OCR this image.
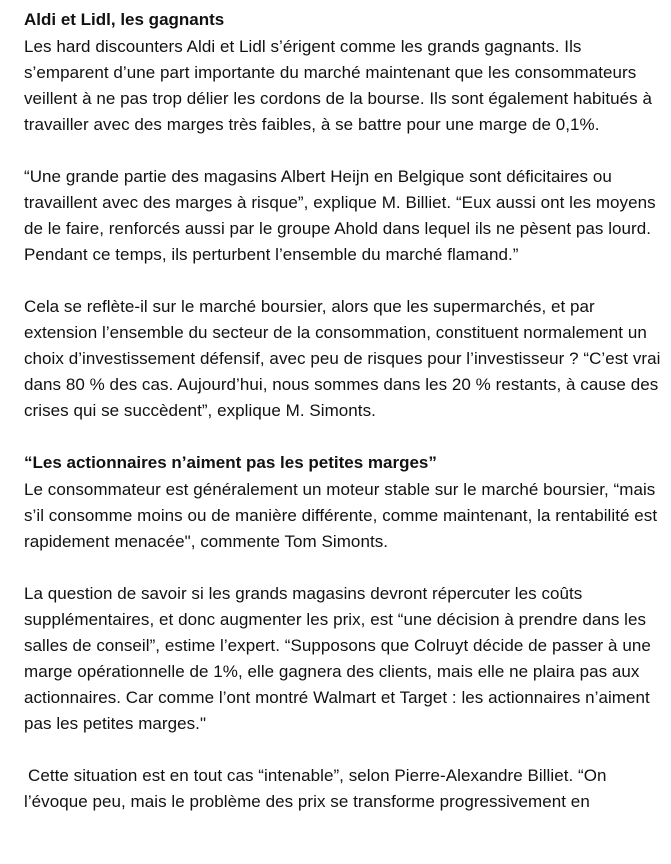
Aldi et Lidl, les gagnants

Les hard discounters Aldi et Lidl s’érigent comme les grands gagnants. Ils s’emparent d’une part importante du marché maintenant que les consommateurs veillent à ne pas trop délier les cordons de la bourse. Ils sont également habitués à travailler avec des marges très faibles, à se battre pour une marge de 0,1%.

“Une grande partie des magasins Albert Heijn en Belgique sont déficitaires ou travaillent avec des marges à risque”, explique M. Billiet. “Eux aussi ont les moyens de le faire, renforcés aussi par le groupe Ahold dans lequel ils ne pèsent pas lourd. Pendant ce temps, ils perturbent l’ensemble du marché flamand.”

Cela se reflète-il sur le marché boursier, alors que les supermarchés, et par extension l’ensemble du secteur de la consommation, constituent normalement un choix d’investissement défensif, avec peu de risques pour l’investisseur ? “C’est vrai dans 80 % des cas. Aujourd’hui, nous sommes dans les 20 % restants, à cause des crises qui se succèdent”, explique M. Simonts.

“Les actionnaires n’aiment pas les petites marges”

Le consommateur est généralement un moteur stable sur le marché boursier, “mais s’il consomme moins ou de manière différente, comme maintenant, la rentabilité est rapidement menacée", commente Tom Simonts.

La question de savoir si les grands magasins devront répercuter les coûts supplémentaires, et donc augmenter les prix, est “une décision à prendre dans les salles de conseil”, estime l’expert. “Supposons que Colruyt décide de passer à une marge opérationnelle de 1%, elle gagnera des clients, mais elle ne plaira pas aux actionnaires. Car comme l’ont montré Walmart et Target : les actionnaires n’aiment pas les petites marges."

Cette situation est en tout cas “intenable”, selon Pierre-Alexandre Billiet. “On l’évoque peu, mais le problème des prix se transforme progressivement en
